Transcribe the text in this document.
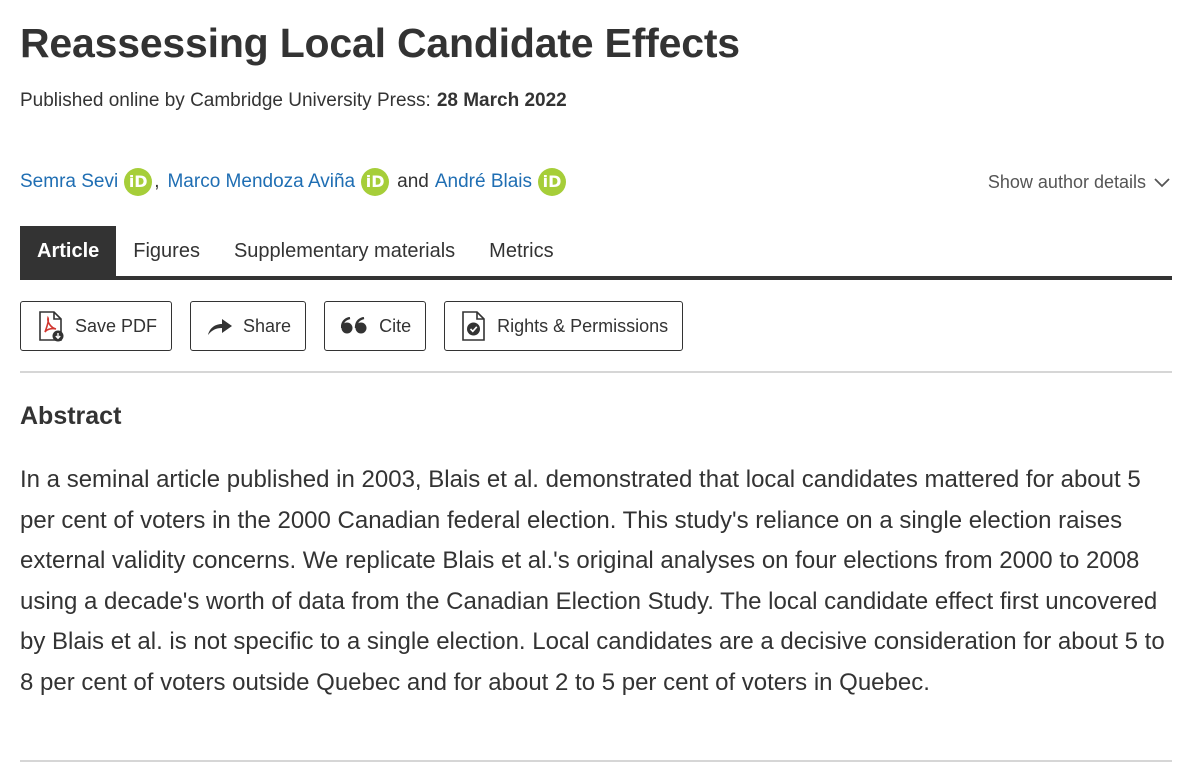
Reassessing Local Candidate Effects
Published online by Cambridge University Press: 28 March 2022
Semra Sevi iD , Marco Mendoza Aviña iD and André Blais iD	Show author details
Article	Figures	Supplementary materials	Metrics
Save PDF	Share	Cite	Rights & Permissions
Abstract

In a seminal article published in 2003, Blais et al. demonstrated that local candidates mattered for about 5 per cent of voters in the 2000 Canadian federal election. This study's reliance on a single election raises external validity concerns. We replicate Blais et al.'s original analyses on four elections from 2000 to 2008 using a decade's worth of data from the Canadian Election Study. The local candidate effect first uncovered by Blais et al. is not specific to a single election. Local candidates are a decisive consideration for about 5 to 8 per cent of voters outside Quebec and for about 2 to 5 per cent of voters in Quebec.
